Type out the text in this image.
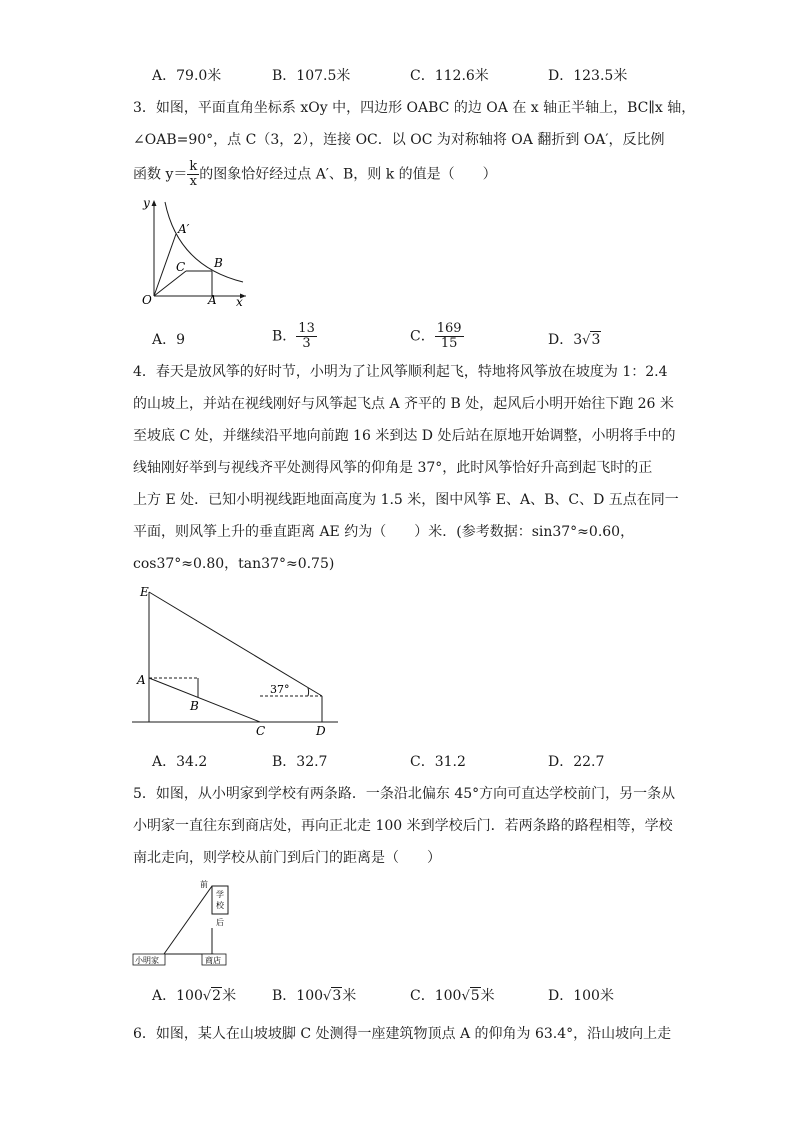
A．79.0米	B．107.5米	C．112.6米	D．123.5米
3．如图，平面直角坐标系 xOy 中，四边形 OABC 的边 OA 在 x 轴正半轴上，BC∥x 轴，
∠OAB=90°，点 C（3，2），连接 OC．以 OC 为对称轴将 OA 翻折到 OA′，反比例
函数 $y= \frac{k}{x}$ 的图象恰好经过点 A′、B，则 k 的值是（　　）
y
x
O	A
B
C
A′
A．9	B． $\frac{13}{3}$	C． $\frac{169}{15}$	D．3√3
4．春天是放风筝的好时节，小明为了让风筝顺利起飞，特地将风筝放在坡度为 1：2.4
的山坡上，并站在视线刚好与风筝起飞点 A 齐平的 B 处，起风后小明开始往下跑 26 米
至坡底 C 处，并继续沿平地向前跑 16 米到达 D 处后站在原地开始调整，小明将手中的
线轴刚好举到与视线齐平处测得风筝的仰角是 37°，此时风筝恰好升高到起飞时的正
上方 E 处．已知小明视线距地面高度为 1.5 米，图中风筝 E、A、B、C、D 五点在同一
平面，则风筝上升的垂直距离 AE 约为（　　）米．(参考数据：sin37°≈0.60，
cos37°≈0.80，tan37°≈0.75)
E
A
B
C	D
37°
A．34.2	B．32.7	C．31.2	D．22.7
5．如图，从小明家到学校有两条路．一条沿北偏东 45°方向可直达学校前门，另一条从
小明家一直往东到商店处，再向正北走 100 米到学校后门．若两条路的路程相等，学校
南北走向，则学校从前门到后门的距离是（　　）
前
学
校
后
小明家	商店
A．100√2米	B．100√3米	C．100√5米	D．100米
6．如图，某人在山坡坡脚 C 处测得一座建筑物顶点 A 的仰角为 63.4°，沿山坡向上走
